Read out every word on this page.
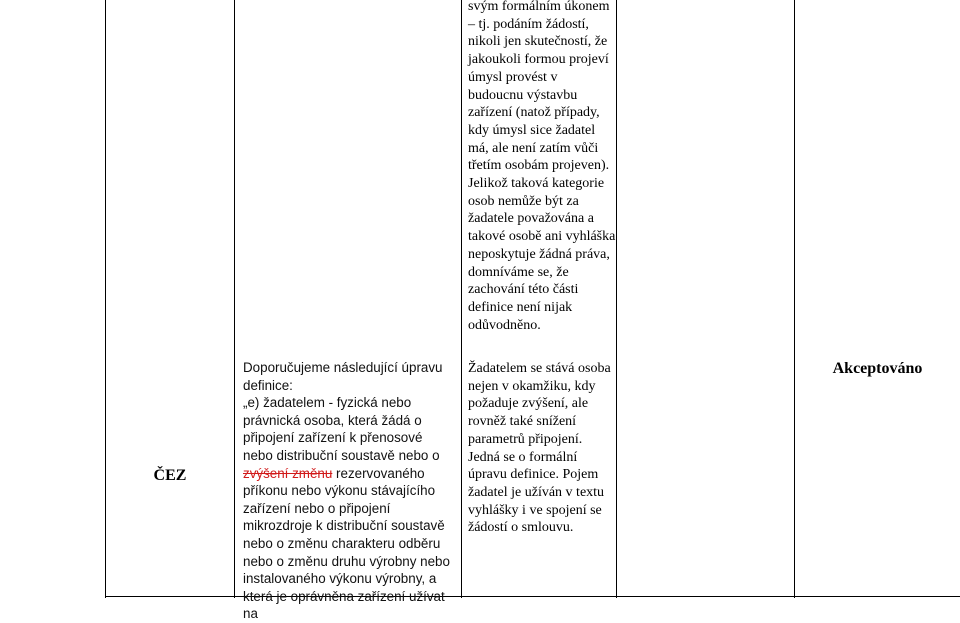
ČEZ

Doporučujeme následující úpravu

definice:

„e) žadatelem - fyzická nebo právnická osoba, která žádá o připojení zařízení k přenosové nebo distribuční soustavě nebo o zvýšení změnu rezervovaného příkonu nebo výkonu stávajícího zařízení nebo o připojení mikrozdroje k distribuční soustavě nebo o změnu charakteru odběru nebo o změnu druhu výrobny nebo instalovaného výkonu výrobny, a která je oprávněna zařízení užívat na

svým formálním úkonem – tj. podáním žádostí, nikoli jen skutečností, že jakoukoli formou projeví úmysl provést v budoucnu výstavbu zařízení (natož případy, kdy úmysl sice žadatel má, ale není zatím vůči třetím osobám projeven). Jelikož taková kategorie osob nemůže být za žadatele považována a takové osobě ani vyhláška neposkytuje žádná práva, domníváme se, že zachování této části definice není nijak odůvodněno.

Žadatelem se stává osoba nejen v okamžiku, kdy požaduje zvýšení, ale rovněž také snížení parametrů připojení. Jedná se o formální úpravu definice. Pojem žadatel je užíván v textu vyhlášky i ve spojení se žádostí o smlouvu.

Akceptováno
